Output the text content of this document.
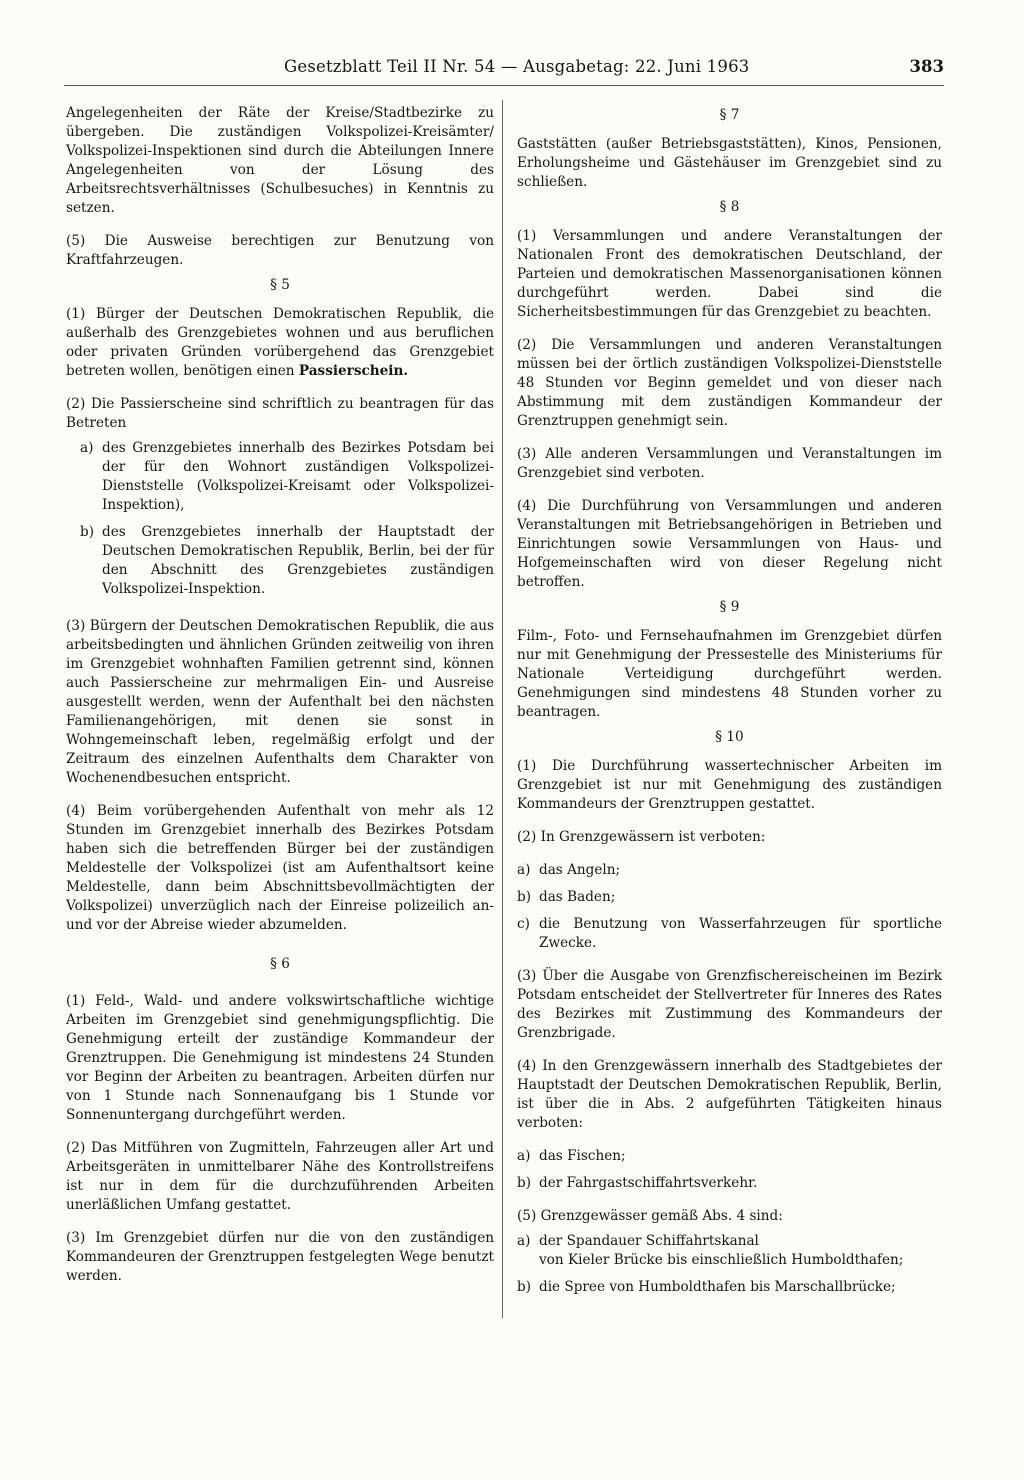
Gesetzblatt Teil II Nr. 54 — Ausgabetag: 22. Juni 1963	383

Angelegenheiten der Räte der Kreise/Stadtbezirke zu übergeben. Die zuständigen Volkspolizei-Kreisämter/ Volkspolizei-Inspektionen sind durch die Abteilungen Innere Angelegenheiten von der Lösung des Arbeitsrechtsverhältnisses (Schulbesuches) in Kenntnis zu setzen.

(5) Die Ausweise berechtigen zur Benutzung von Kraftfahrzeugen.

§ 5

(1) Bürger der Deutschen Demokratischen Republik, die außerhalb des Grenzgebietes wohnen und aus beruflichen oder privaten Gründen vorübergehend das Grenzgebiet betreten wollen, benötigen einen Passierschein.

(2) Die Passierscheine sind schriftlich zu beantragen für das Betreten

a) des Grenzgebietes innerhalb des Bezirkes Potsdam bei der für den Wohnort zuständigen Volkspolizei-Dienststelle (Volkspolizei-Kreisamt oder Volkspolizei-Inspektion),
b) des Grenzgebietes innerhalb der Hauptstadt der Deutschen Demokratischen Republik, Berlin, bei der für den Abschnitt des Grenzgebietes zuständigen Volkspolizei-Inspektion.

(3) Bürgern der Deutschen Demokratischen Republik, die aus arbeitsbedingten und ähnlichen Gründen zeitweilig von ihren im Grenzgebiet wohnhaften Familien getrennt sind, können auch Passierscheine zur mehrmaligen Ein- und Ausreise ausgestellt werden, wenn der Aufenthalt bei den nächsten Familienangehörigen, mit denen sie sonst in Wohngemeinschaft leben, regelmäßig erfolgt und der Zeitraum des einzelnen Aufenthalts dem Charakter von Wochenendbesuchen entspricht.

(4) Beim vorübergehenden Aufenthalt von mehr als 12 Stunden im Grenzgebiet innerhalb des Bezirkes Potsdam haben sich die betreffenden Bürger bei der zuständigen Meldestelle der Volkspolizei (ist am Aufenthaltsort keine Meldestelle, dann beim Abschnittsbevollmächtigten der Volkspolizei) unverzüglich nach der Einreise polizeilich an- und vor der Abreise wieder abzumelden.

§ 6

(1) Feld-, Wald- und andere volkswirtschaftliche wichtige Arbeiten im Grenzgebiet sind genehmigungspflichtig. Die Genehmigung erteilt der zuständige Kommandeur der Grenztruppen. Die Genehmigung ist mindestens 24 Stunden vor Beginn der Arbeiten zu beantragen. Arbeiten dürfen nur von 1 Stunde nach Sonnenaufgang bis 1 Stunde vor Sonnenuntergang durchgeführt werden.

(2) Das Mitführen von Zugmitteln, Fahrzeugen aller Art und Arbeitsgeräten in unmittelbarer Nähe des Kontrollstreifens ist nur in dem für die durchzuführenden Arbeiten unerläßlichen Umfang gestattet.

(3) Im Grenzgebiet dürfen nur die von den zuständigen Kommandeuren der Grenztruppen festgelegten Wege benutzt werden.

§ 7

Gaststätten (außer Betriebsgaststätten), Kinos, Pensionen, Erholungsheime und Gästehäuser im Grenzgebiet sind zu schließen.

§ 8

(1) Versammlungen und andere Veranstaltungen der Nationalen Front des demokratischen Deutschland, der Parteien und demokratischen Massenorganisationen können durchgeführt werden. Dabei sind die Sicherheitsbestimmungen für das Grenzgebiet zu beachten.

(2) Die Versammlungen und anderen Veranstaltungen müssen bei der örtlich zuständigen Volkspolizei-Dienststelle 48 Stunden vor Beginn gemeldet und von dieser nach Abstimmung mit dem zuständigen Kommandeur der Grenztruppen genehmigt sein.

(3) Alle anderen Versammlungen und Veranstaltungen im Grenzgebiet sind verboten.

(4) Die Durchführung von Versammlungen und anderen Veranstaltungen mit Betriebsangehörigen in Betrieben und Einrichtungen sowie Versammlungen von Haus- und Hofgemeinschaften wird von dieser Regelung nicht betroffen.

§ 9

Film-, Foto- und Fernsehaufnahmen im Grenzgebiet dürfen nur mit Genehmigung der Pressestelle des Ministeriums für Nationale Verteidigung durchgeführt werden. Genehmigungen sind mindestens 48 Stunden vorher zu beantragen.

§ 10

(1) Die Durchführung wassertechnischer Arbeiten im Grenzgebiet ist nur mit Genehmigung des zuständigen Kommandeurs der Grenztruppen gestattet.

(2) In Grenzgewässern ist verboten:

a) das Angeln;
b) das Baden;
c) die Benutzung von Wasserfahrzeugen für sportliche Zwecke.

(3) Über die Ausgabe von Grenzfischereischeinen im Bezirk Potsdam entscheidet der Stellvertreter für Inneres des Rates des Bezirkes mit Zustimmung des Kommandeurs der Grenzbrigade.

(4) In den Grenzgewässern innerhalb des Stadtgebietes der Hauptstadt der Deutschen Demokratischen Republik, Berlin, ist über die in Abs. 2 aufgeführten Tätigkeiten hinaus verboten:

a) das Fischen;
b) der Fahrgastschiffahrtsverkehr.

(5) Grenzgewässer gemäß Abs. 4 sind:

a) der Spandauer Schiffahrtskanal
von Kieler Brücke bis einschließlich Humboldthafen;
b) die Spree von Humboldthafen bis Marschallbrücke;
